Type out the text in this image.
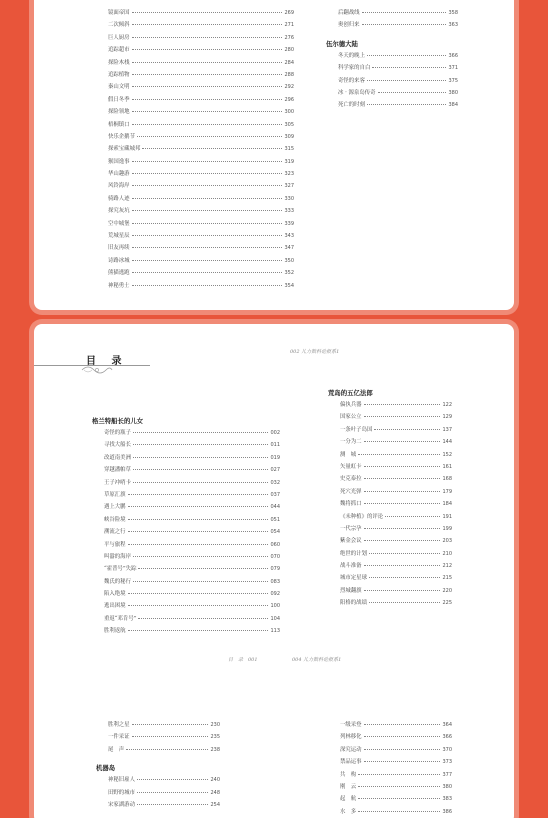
镜面帝国	269
二次倾斜	271
巨人厨房	276
追踪超市	280
探险木栈	284
追踪植物	288
秦山文明	292
假日冬季	296
探险领地	300
梧桐镇口	305
快乐企鹅节	309
探索宝藏城邦	315
猴国逸事	319
华山趣游	323
风铃海岸	327
骑路人迹	330
探究灰坑	333
空中城堡	339
荒城星辰	343
旧友再续	347
诗路冰城	350
熊猫逃跑	352
神秘勇士	354
后翻战线	358
奥创归来	363
伍尔德大陆
冬天的晚上	366
科学家的自白	371
奇怪的来客	375
冰 · 源泉岛传奇	380
死亡的时刻	384
002 儿力数科论报系1
目 录
格兰特船长的儿女
奇怪的瓶子	002
寻找大船长	011
改道南美洲	019
穿越潘帕草	027
王子冲哨卡	032
草原汇旗	037
遇上大鹏	044
峡谷险境	051
溯流之行	054
平与旅程	060
叫嚣的海岸	070
“霍普号”失踪	079
魏氏的秘行	083
陷入绝境	092
逃出困境	100
重返“邓肯号”	104
胜利返航	113
荒岛的五亿法郎
偏执兵器	122
国家公立	129
一条叶子岛国	137
一分为二	144
测　城	152
矢量虹卡	161
史克泰拉	168
死穴光弹	179
魏将抓口	184
《未种植》的评论	191
一代宗孕	199
紫金会议	203
绝世的计划	210
战斗准备	212
城市定星球	215
烈城翻旗	220
阳格的战绩	225
目　录　001	004 儿力数科论报系1
胜利之星	230
一件采证	235
尾　声	238
机器岛
神秘旧雇人	240
田野的城市	248
宋家湖游动	254
一级采登	364
列林移化	366
深究运动	370
禁品运事	373
共　构	377
刚　云	380
起　航	383
水　多	386
